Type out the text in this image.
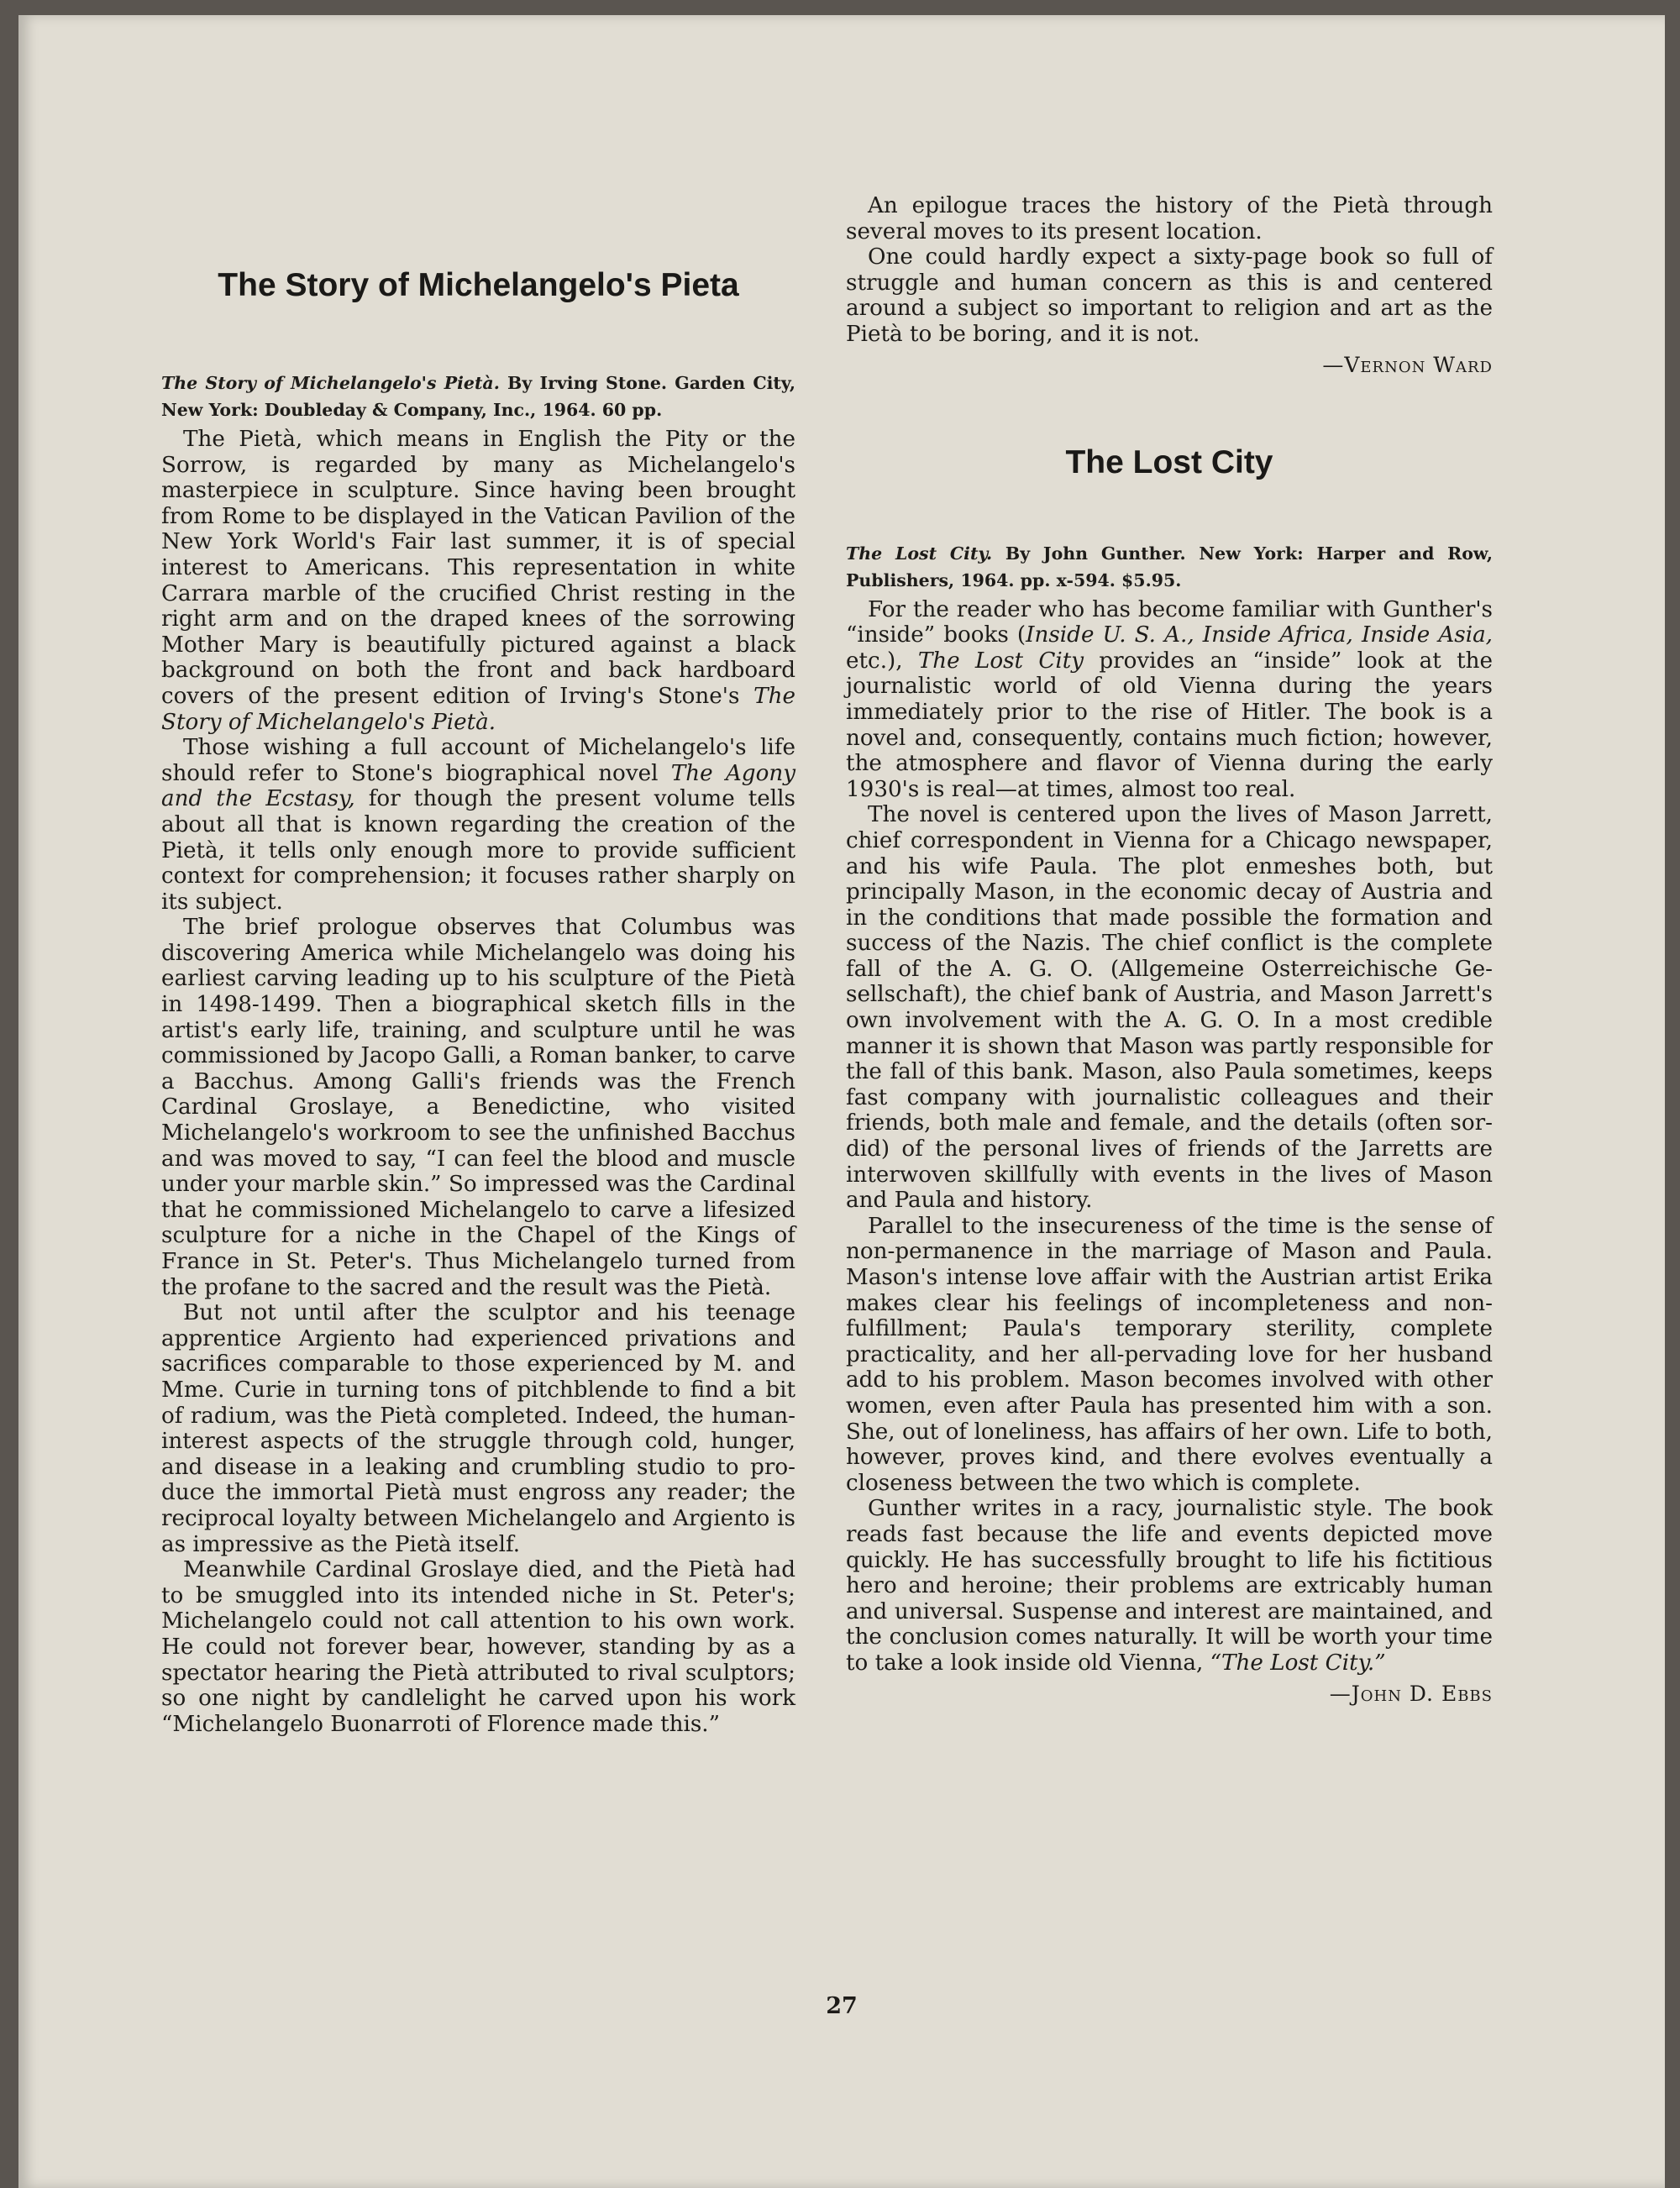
The Story of Michelangelo's Pieta

The Story of Michelangelo's Pietà. By Irving Stone. Garden City, New York: Doubleday & Company, Inc., 1964. 60 pp.

The Pietà, which means in English the Pity or the Sorrow, is regarded by many as Michelangelo's masterpiece in sculpture. Since having been brought from Rome to be displayed in the Vatican Pavilion of the New York World's Fair last summer, it is of special interest to Americans. This representation in white Carrara marble of the crucified Christ resting in the right arm and on the draped knees of the sorrowing Mother Mary is beautifully pictured against a black background on both the front and back hardboard covers of the present edition of Irving's Stone's The Story of Michelangelo's Pietà.

Those wishing a full account of Michelangelo's life should refer to Stone's biographical novel The Agony and the Ecstasy, for though the present volume tells about all that is known regarding the creation of the Pietà, it tells only enough more to provide sufficient context for comprehension; it focuses rather sharply on its subject.

The brief prologue observes that Columbus was discovering America while Michelangelo was doing his earliest carving leading up to his sculpture of the Pietà in 1498-1499. Then a biographical sketch fills in the artist's early life, training, and sculpture until he was commissioned by Jacopo Galli, a Roman banker, to carve a Bacchus. Among Galli's friends was the French Cardinal Groslaye, a Benedictine, who visited Michelangelo's workroom to see the unfinished Bacchus and was moved to say, “I can feel the blood and muscle under your marble skin.” So impressed was the Cardinal that he commissioned Michelangelo to carve a lifesized sculpture for a niche in the Chapel of the Kings of France in St. Peter's. Thus Michelangelo turned from the profane to the sacred and the result was the Pietà.

But not until after the sculptor and his teenage apprentice Argiento had experienced privations and sacrifices comparable to those experienced by M. and Mme. Curie in turning tons of pitchblende to find a bit of radium, was the Pietà completed. Indeed, the human-interest aspects of the struggle through cold, hunger, and disease in a leaking and crumbling studio to produce the immortal Pietà must engross any reader; the reciprocal loyalty between Michelangelo and Argiento is as impressive as the Pietà itself.

Meanwhile Cardinal Groslaye died, and the Pietà had to be smuggled into its intended niche in St. Peter's; Michelangelo could not call attention to his own work. He could not forever bear, however, standing by as a spectator hearing the Pietà attributed to rival sculptors; so one night by candlelight he carved upon his work “Michelangelo Buonarroti of Florence made this.”

An epilogue traces the history of the Pietà through several moves to its present location.

One could hardly expect a sixty-page book so full of struggle and human concern as this is and centered around a subject so important to religion and art as the Pietà to be boring, and it is not.

—Vernon Ward

The Lost City

The Lost City. By John Gunther. New York: Harper and Row, Publishers, 1964. pp. x-594. $5.95.

For the reader who has become familiar with Gunther's “inside” books (Inside U. S. A., Inside Africa, Inside Asia, etc.), The Lost City provides an “inside” look at the journalistic world of old Vienna during the years immediately prior to the rise of Hitler. The book is a novel and, consequently, contains much fiction; however, the atmosphere and flavor of Vienna during the early 1930's is real—at times, almost too real.

The novel is centered upon the lives of Mason Jarrett, chief correspondent in Vienna for a Chicago newspaper, and his wife Paula. The plot enmeshes both, but principally Mason, in the economic decay of Austria and in the conditions that made possible the formation and success of the Nazis. The chief conflict is the complete fall of the A. G. O. (Allgemeine Osterreichische Gesellschaft), the chief bank of Austria, and Mason Jarrett's own involvement with the A. G. O. In a most credible manner it is shown that Mason was partly responsible for the fall of this bank. Mason, also Paula sometimes, keeps fast company with journalistic colleagues and their friends, both male and female, and the details (often sordid) of the personal lives of friends of the Jarretts are interwoven skillfully with events in the lives of Mason and Paula and history.

Parallel to the insecureness of the time is the sense of non-permanence in the marriage of Mason and Paula. Mason's intense love affair with the Austrian artist Erika makes clear his feelings of incompleteness and non-fulfillment; Paula's temporary sterility, complete practicality, and her all-pervading love for her husband add to his problem. Mason becomes involved with other women, even after Paula has presented him with a son. She, out of loneliness, has affairs of her own. Life to both, however, proves kind, and there evolves eventually a closeness between the two which is complete.

Gunther writes in a racy, journalistic style. The book reads fast because the life and events depicted move quickly. He has successfully brought to life his fictitious hero and heroine; their problems are extricably human and universal. Suspense and interest are maintained, and the conclusion comes naturally. It will be worth your time to take a look inside old Vienna, “The Lost City.”

—John D. Ebbs

27
